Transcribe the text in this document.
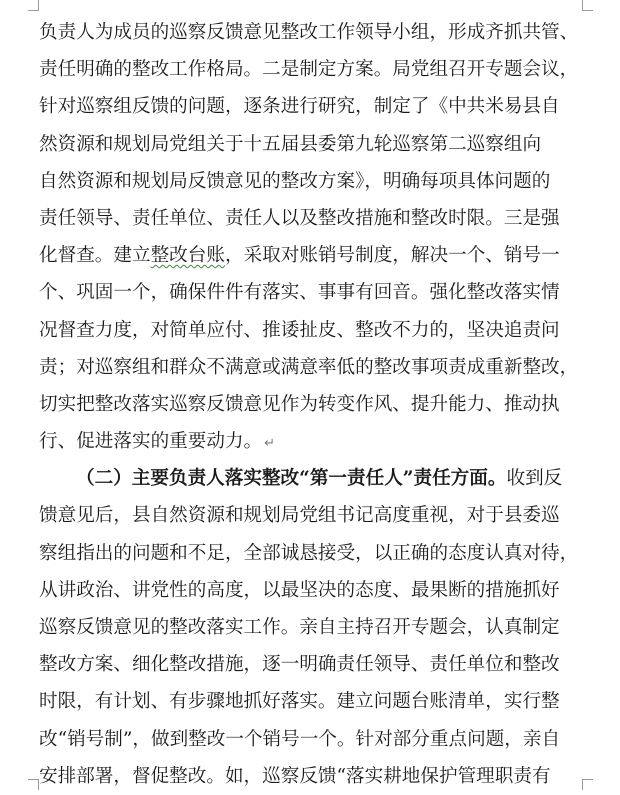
负责人为成员的巡察反馈意见整改工作领导小组，形成齐抓共管、
责任明确的整改工作格局。二是制定方案。局党组召开专题会议，
针对巡察组反馈的问题，逐条进行研究，制定了《中共米易县自
然资源和规划局党组关于十五届县委第九轮巡察第二巡察组向
自然资源和规划局反馈意见的整改方案》，明确每项具体问题的
责任领导、责任单位、责任人以及整改措施和整改时限。三是强
化督查。建立整改台账，采取对账销号制度，解决一个、销号一
个、巩固一个，确保件件有落实、事事有回音。强化整改落实情
况督查力度，对简单应付、推诿扯皮、整改不力的，坚决追责问
责；对巡察组和群众不满意或满意率低的整改事项责成重新整改，
切实把整改落实巡察反馈意见作为转变作风、提升能力、推动执
行、促进落实的重要动力。 ↵
（二）主要负责人落实整改“第一责任人”责任方面。收到反
馈意见后，县自然资源和规划局党组书记高度重视，对于县委巡
察组指出的问题和不足，全部诚恳接受，以正确的态度认真对待，
从讲政治、讲党性的高度，以最坚决的态度、最果断的措施抓好
巡察反馈意见的整改落实工作。亲自主持召开专题会，认真制定
整改方案、细化整改措施，逐一明确责任领导、责任单位和整改
时限，有计划、有步骤地抓好落实。建立问题台账清单，实行整
改“销号制”，做到整改一个销号一个。针对部分重点问题，亲自
安排部署，督促整改。如，巡察反馈“落实耕地保护管理职责有
